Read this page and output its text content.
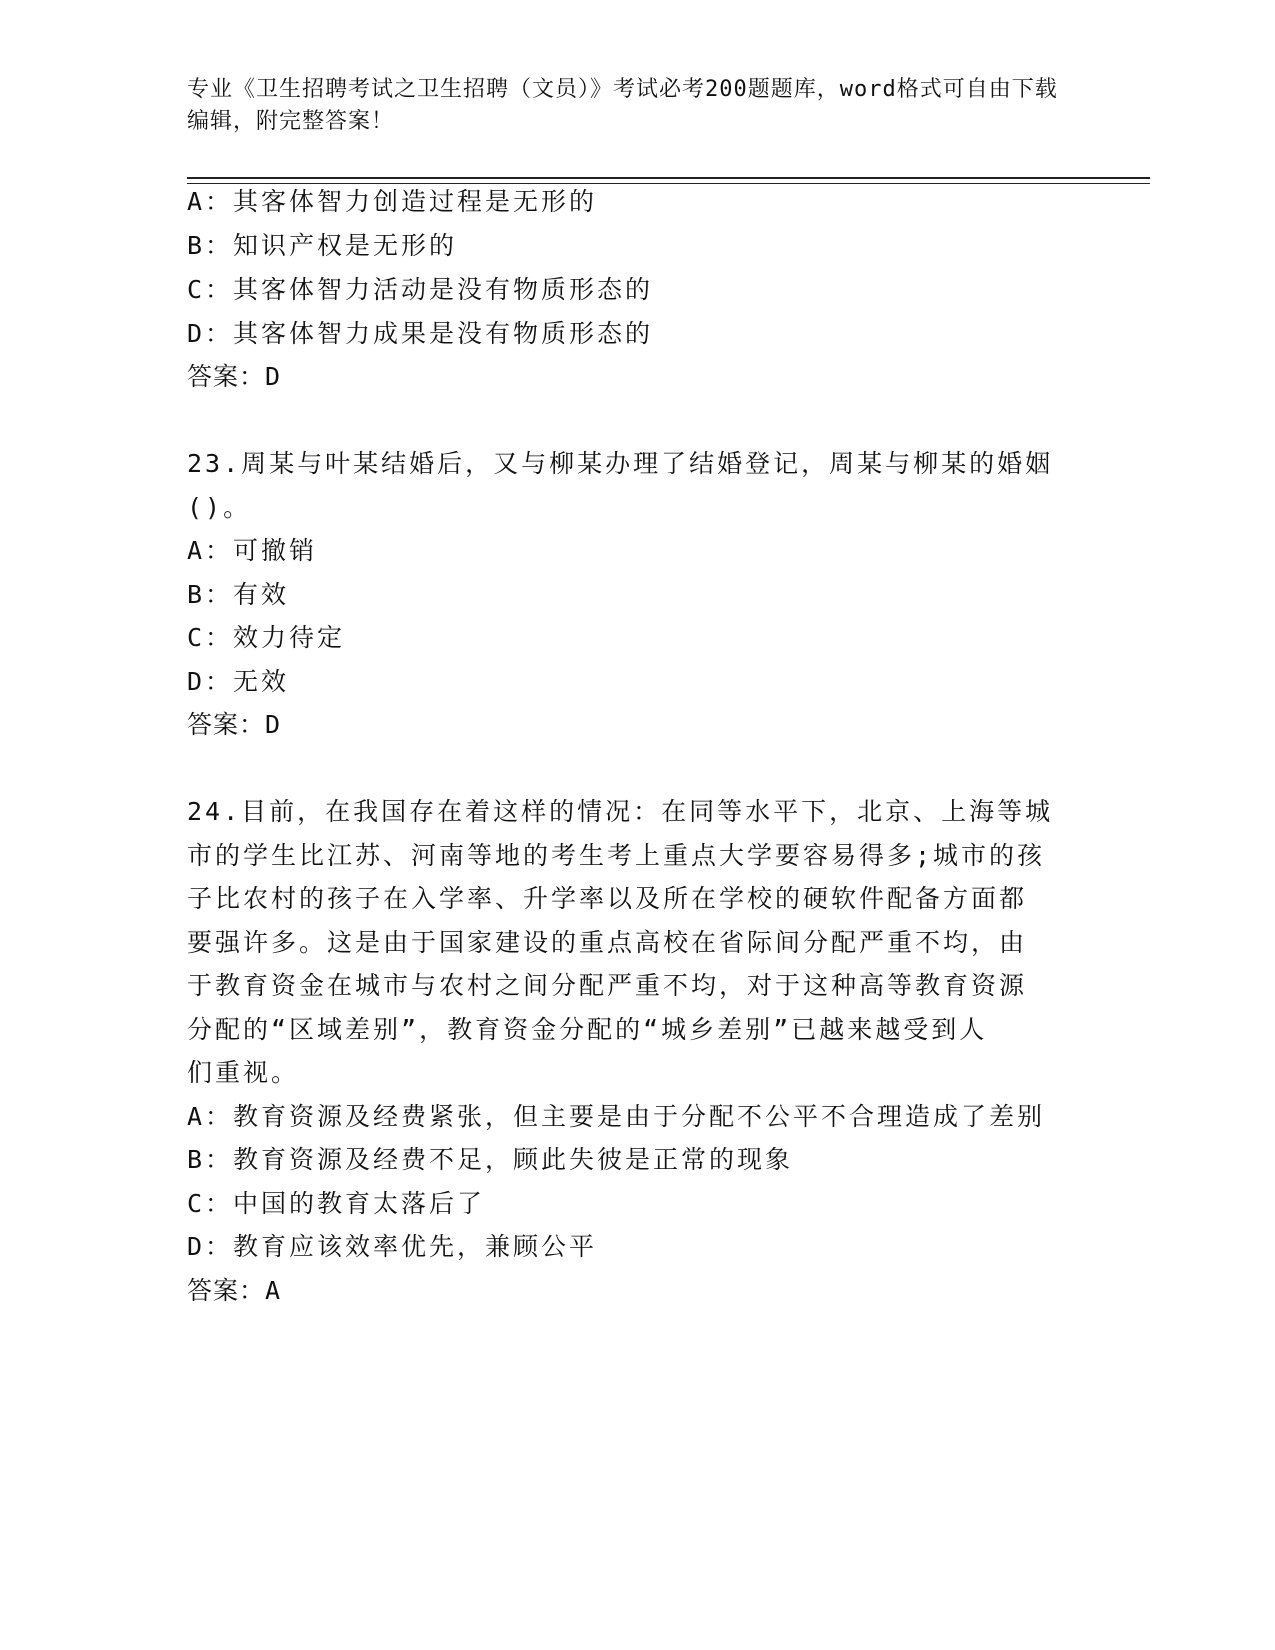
专业《卫生招聘考试之卫生招聘（文员）》考试必考200题题库，word格式可自由下载编辑，附完整答案！
A：其客体智力创造过程是无形的
B：知识产权是无形的
C：其客体智力活动是没有物质形态的
D：其客体智力成果是没有物质形态的
答案：D
23.周某与叶某结婚后，又与柳某办理了结婚登记，周某与柳某的婚姻
()。
A：可撤销
B：有效
C：效力待定
D：无效
答案：D
24.目前，在我国存在着这样的情况：在同等水平下，北京、上海等城
市的学生比江苏、河南等地的考生考上重点大学要容易得多;城市的孩
子比农村的孩子在入学率、升学率以及所在学校的硬软件配备方面都
要强许多。这是由于国家建设的重点高校在省际间分配严重不均，由
于教育资金在城市与农村之间分配严重不均，对于这种高等教育资源
分配的“区域差别”，教育资金分配的“城乡差别”已越来越受到人
们重视。
A：教育资源及经费紧张，但主要是由于分配不公平不合理造成了差别
B：教育资源及经费不足，顾此失彼是正常的现象
C：中国的教育太落后了
D：教育应该效率优先，兼顾公平
答案：A
